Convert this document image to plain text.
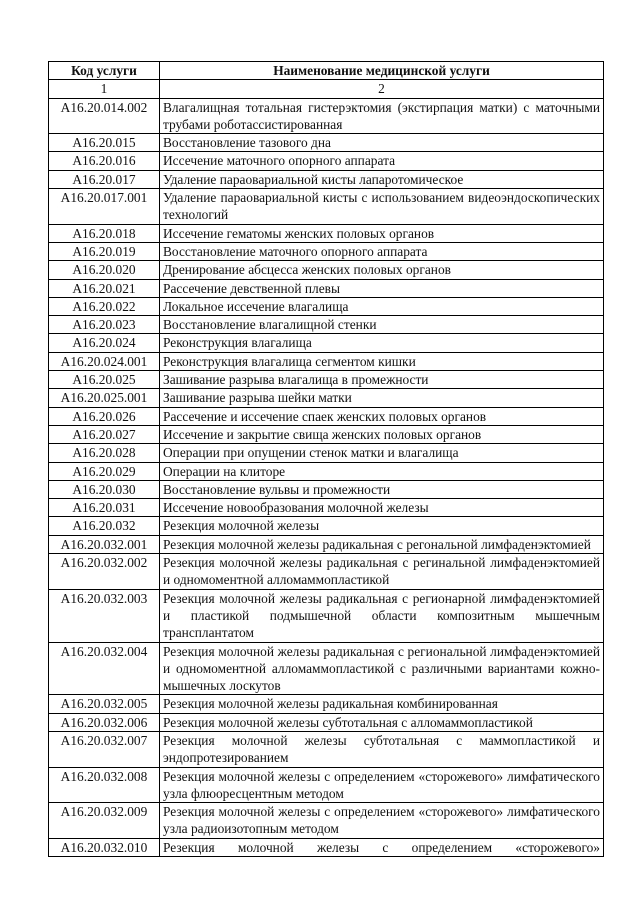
Код услуги	Наименование медицинской услуги
1	2
A16.20.014.002	Влагалищная тотальная гистерэктомия (экстирпация матки) с маточными трубами роботассистированная
A16.20.015	Восстановление тазового дна
A16.20.016	Иссечение маточного опорного аппарата
A16.20.017	Удаление параовариальной кисты лапаротомическое
A16.20.017.001	Удаление параовариальной кисты с использованием видеоэндоскопических технологий
A16.20.018	Иссечение гематомы женских половых органов
A16.20.019	Восстановление маточного опорного аппарата
A16.20.020	Дренирование абсцесса женских половых органов
A16.20.021	Рассечение девственной плевы
A16.20.022	Локальное иссечение влагалища
A16.20.023	Восстановление влагалищной стенки
A16.20.024	Реконструкция влагалища
A16.20.024.001	Реконструкция влагалища сегментом кишки
A16.20.025	Зашивание разрыва влагалища в промежности
A16.20.025.001	Зашивание разрыва шейки матки
A16.20.026	Рассечение и иссечение спаек женских половых органов
A16.20.027	Иссечение и закрытие свища женских половых органов
A16.20.028	Операции при опущении стенок матки и влагалища
A16.20.029	Операции на клиторе
A16.20.030	Восстановление вульвы и промежности
A16.20.031	Иссечение новообразования молочной железы
A16.20.032	Резекция молочной железы
A16.20.032.001	Резекция молочной железы радикальная с регональной лимфаденэктомией
A16.20.032.002	Резекция молочной железы радикальная с регинальной лимфаденэктомией и одномоментной алломаммопластикой
A16.20.032.003	Резекция молочной железы радикальная с регионарной лимфаденэктомией и пластикой подмышечной области композитным мышечным трансплантатом
A16.20.032.004	Резекция молочной железы радикальная с региональной лимфаденэктомией и одномоментной алломаммопластикой с различными вариантами кожно-мышечных лоскутов
A16.20.032.005	Резекция молочной железы радикальная комбинированная
A16.20.032.006	Резекция молочной железы субтотальная с алломаммопластикой
A16.20.032.007	Резекция молочной железы субтотальная с маммопластикой и эндопротезированием
A16.20.032.008	Резекция молочной железы с определением «сторожевого» лимфатического узла флюоресцентным методом
A16.20.032.009	Резекция молочной железы с определением «сторожевого» лимфатического узла радиоизотопным методом
A16.20.032.010	Резекция молочной железы с определением «сторожевого»
